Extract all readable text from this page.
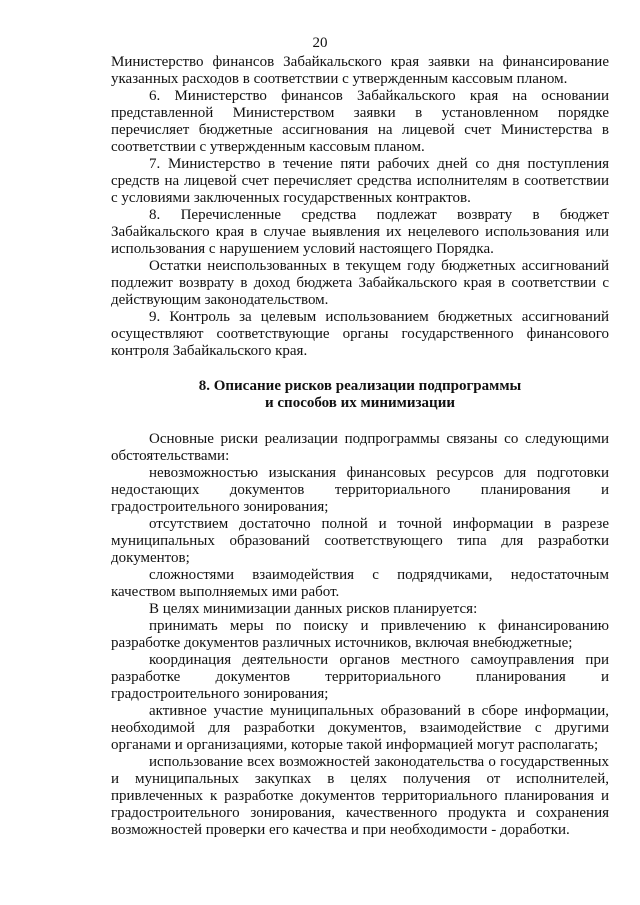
20

Министерство финансов Забайкальского края заявки на финансирование указанных расходов в соответствии с утвержденным кассовым планом.

6. Министерство финансов Забайкальского края на основании представленной Министерством заявки в установленном порядке перечисляет бюджетные ассигнования на лицевой счет Министерства в соответствии с утвержденным кассовым планом.

7. Министерство в течение пяти рабочих дней со дня поступления средств на лицевой счет перечисляет средства исполнителям в соответствии с условиями заключенных государственных контрактов.

8. Перечисленные средства подлежат возврату в бюджет Забайкальского края в случае выявления их нецелевого использования или использования с нарушением условий настоящего Порядка.

Остатки неиспользованных в текущем году бюджетных ассигнований подлежит возврату в доход бюджета Забайкальского края в соответствии с действующим законодательством.

9. Контроль за целевым использованием бюджетных ассигнований осуществляют соответствующие органы государственного финансового контроля Забайкальского края.

8. Описание рисков реализации подпрограммы
и способов их минимизации

Основные риски реализации подпрограммы связаны со следующими обстоятельствами:

невозможностью изыскания финансовых ресурсов для подготовки недостающих документов территориального планирования и градостроительного зонирования;

отсутствием достаточно полной и точной информации в разрезе муниципальных образований соответствующего типа для разработки документов;

сложностями взаимодействия с подрядчиками, недостаточным качеством выполняемых ими работ.

В целях минимизации данных рисков планируется:

принимать меры по поиску и привлечению к финансированию разработке документов различных источников, включая внебюджетные;

координация деятельности органов местного самоуправления при разработке документов территориального планирования и градостроительного зонирования;

активное участие муниципальных образований в сборе информации, необходимой для разработки документов, взаимодействие с другими органами и организациями, которые такой информацией могут располагать;

использование всех возможностей законодательства о государственных и муниципальных закупках в целях получения от исполнителей, привлеченных к разработке документов территориального планирования и градостроительного зонирования, качественного продукта и сохранения возможностей проверки его качества и при необходимости - доработки.
